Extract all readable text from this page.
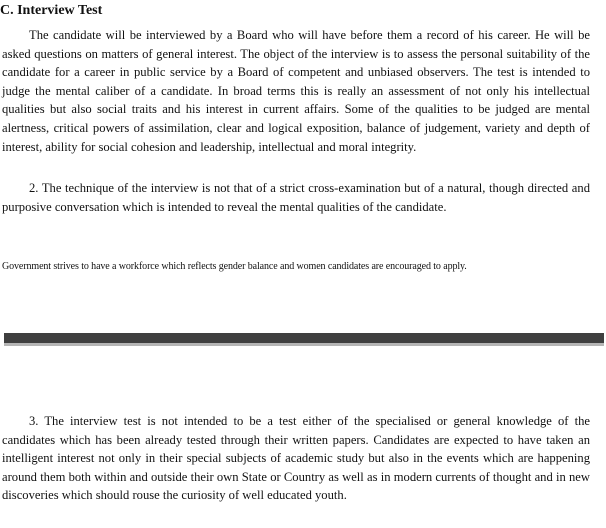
C. Interview Test

The candidate will be interviewed by a Board who will have before them a record of his career. He will be asked questions on matters of general interest. The object of the interview is to assess the personal suitability of the candidate for a career in public service by a Board of competent and unbiased observers. The test is intended to judge the mental caliber of a candidate. In broad terms this is really an assessment of not only his intellectual qualities but also social traits and his interest in current affairs. Some of the qualities to be judged are mental alertness, critical powers of assimilation, clear and logical exposition, balance of judgement, variety and depth of interest, ability for social cohesion and leadership, intellectual and moral integrity.

2. The technique of the interview is not that of a strict cross-examination but of a natural, though directed and purposive conversation which is intended to reveal the mental qualities of the candidate.

Government strives to have a workforce which reflects gender balance and women candidates are encouraged to apply.

3. The interview test is not intended to be a test either of the specialised or general knowledge of the candidates which has been already tested through their written papers. Candidates are expected to have taken an intelligent interest not only in their special subjects of academic study but also in the events which are happening around them both within and outside their own State or Country as well as in modern currents of thought and in new discoveries which should rouse the curiosity of well educated youth.
